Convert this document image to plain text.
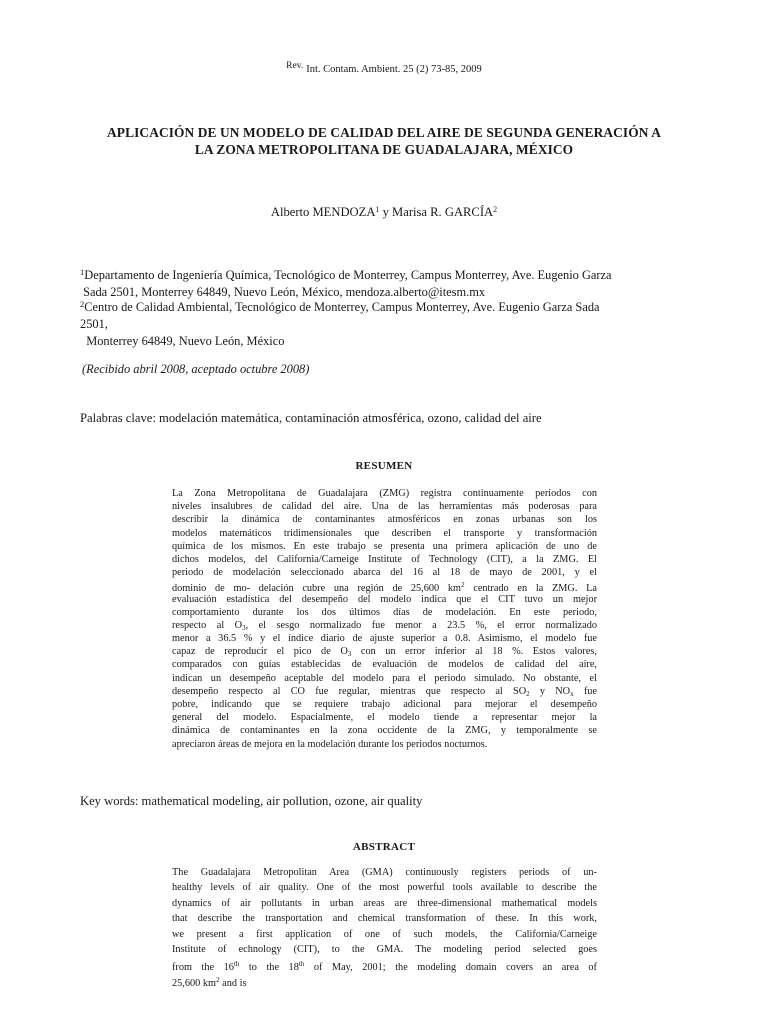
Rev. Int. Contam. Ambient. 25 (2) 73-85, 2009
APLICACIÓN DE UN MODELO DE CALIDAD DEL AIRE DE SEGUNDA GENERACIÓN A
LA ZONA METROPOLITANA DE GUADALAJARA, MÉXICO
Alberto MENDOZA$^1$ y Marisa R. GARCÍA$^2$
$^1$Departamento de Ingeniería Química, Tecnológico de Monterrey, Campus Monterrey, Ave. Eugenio Garza
Sada 2501, Monterrey 64849, Nuevo León, México, mendoza.alberto@itesm.mx
$^2$Centro de Calidad Ambiental, Tecnológico de Monterrey, Campus Monterrey, Ave. Eugenio Garza Sada
2501,
Monterrey 64849, Nuevo León, México
(Recibido abril 2008, aceptado octubre 2008)
Palabras clave: modelación matemática, contaminación atmosférica, ozono, calidad del aire
RESUMEN
La Zona Metropolitana de Guadalajara (ZMG) registra continuamente periodos con
niveles insalubres de calidad del aire. Una de las herramientas más poderosas para
describir la dinámica de contaminantes atmosféricos en zonas urbanas son los
modelos matemáticos tridimensionales que describen el transporte y transformación
química de los mismos. En este trabajo se presenta una primera aplicación de uno de
dichos modelos, del California/Carneige Institute of Technology (CIT), a la ZMG. El
periodo de modelación seleccionado abarca del 16 al 18 de mayo de 2001, y el
dominio de mo- delación cubre una región de 25,600 $km^2$ centrado en la ZMG. La
evaluación estadística del desempeño del modelo indica que el CIT tuvo un mejor
comportamiento durante los dos últimos días de modelación. En este periodo,
respecto al $O_3$, el sesgo normalizado fue menor a 23.5 %, el error normalizado
menor a 36.5 % y el índice diario de ajuste superior a 0.8. Asimismo, el modelo fue
capaz de reproducir el pico de $O_3$ con un error inferior al 18 %. Estos valores,
comparados con guías establecidas de evaluación de modelos de calidad del aire,
indican un desempeño aceptable del modelo para el periodo simulado. No obstante, el
desempeño respecto al CO fue regular, mientras que respecto al $SO_2$ y $NO_x$ fue
pobre, indicando que se requiere trabajo adicional para mejorar el desempeño
general del modelo. Espacialmente, el modelo tiende a representar mejor la
dinámica de contaminantes en la zona occidente de la ZMG, y temporalmente se
apreciaron áreas de mejora en la modelación durante los periodos nocturnos.
Key words: mathematical modeling, air pollution, ozone, air quality
ABSTRACT
The Guadalajara Metropolitan Area (GMA) continuously registers periods of un-
healthy levels of air quality. One of the most powerful tools available to describe the
dynamics of air pollutants in urban areas are three-dimensional mathematical models
that describe the transportation and chemical transformation of these. In this work,
we present a first application of one of such models, the California/Carneige
Institute of echnology (CIT), to the GMA. The modeling period selected goes
from the 16th to the 18th of May, 2001; the modeling domain covers an area of
25,600 $km^2$ and is
